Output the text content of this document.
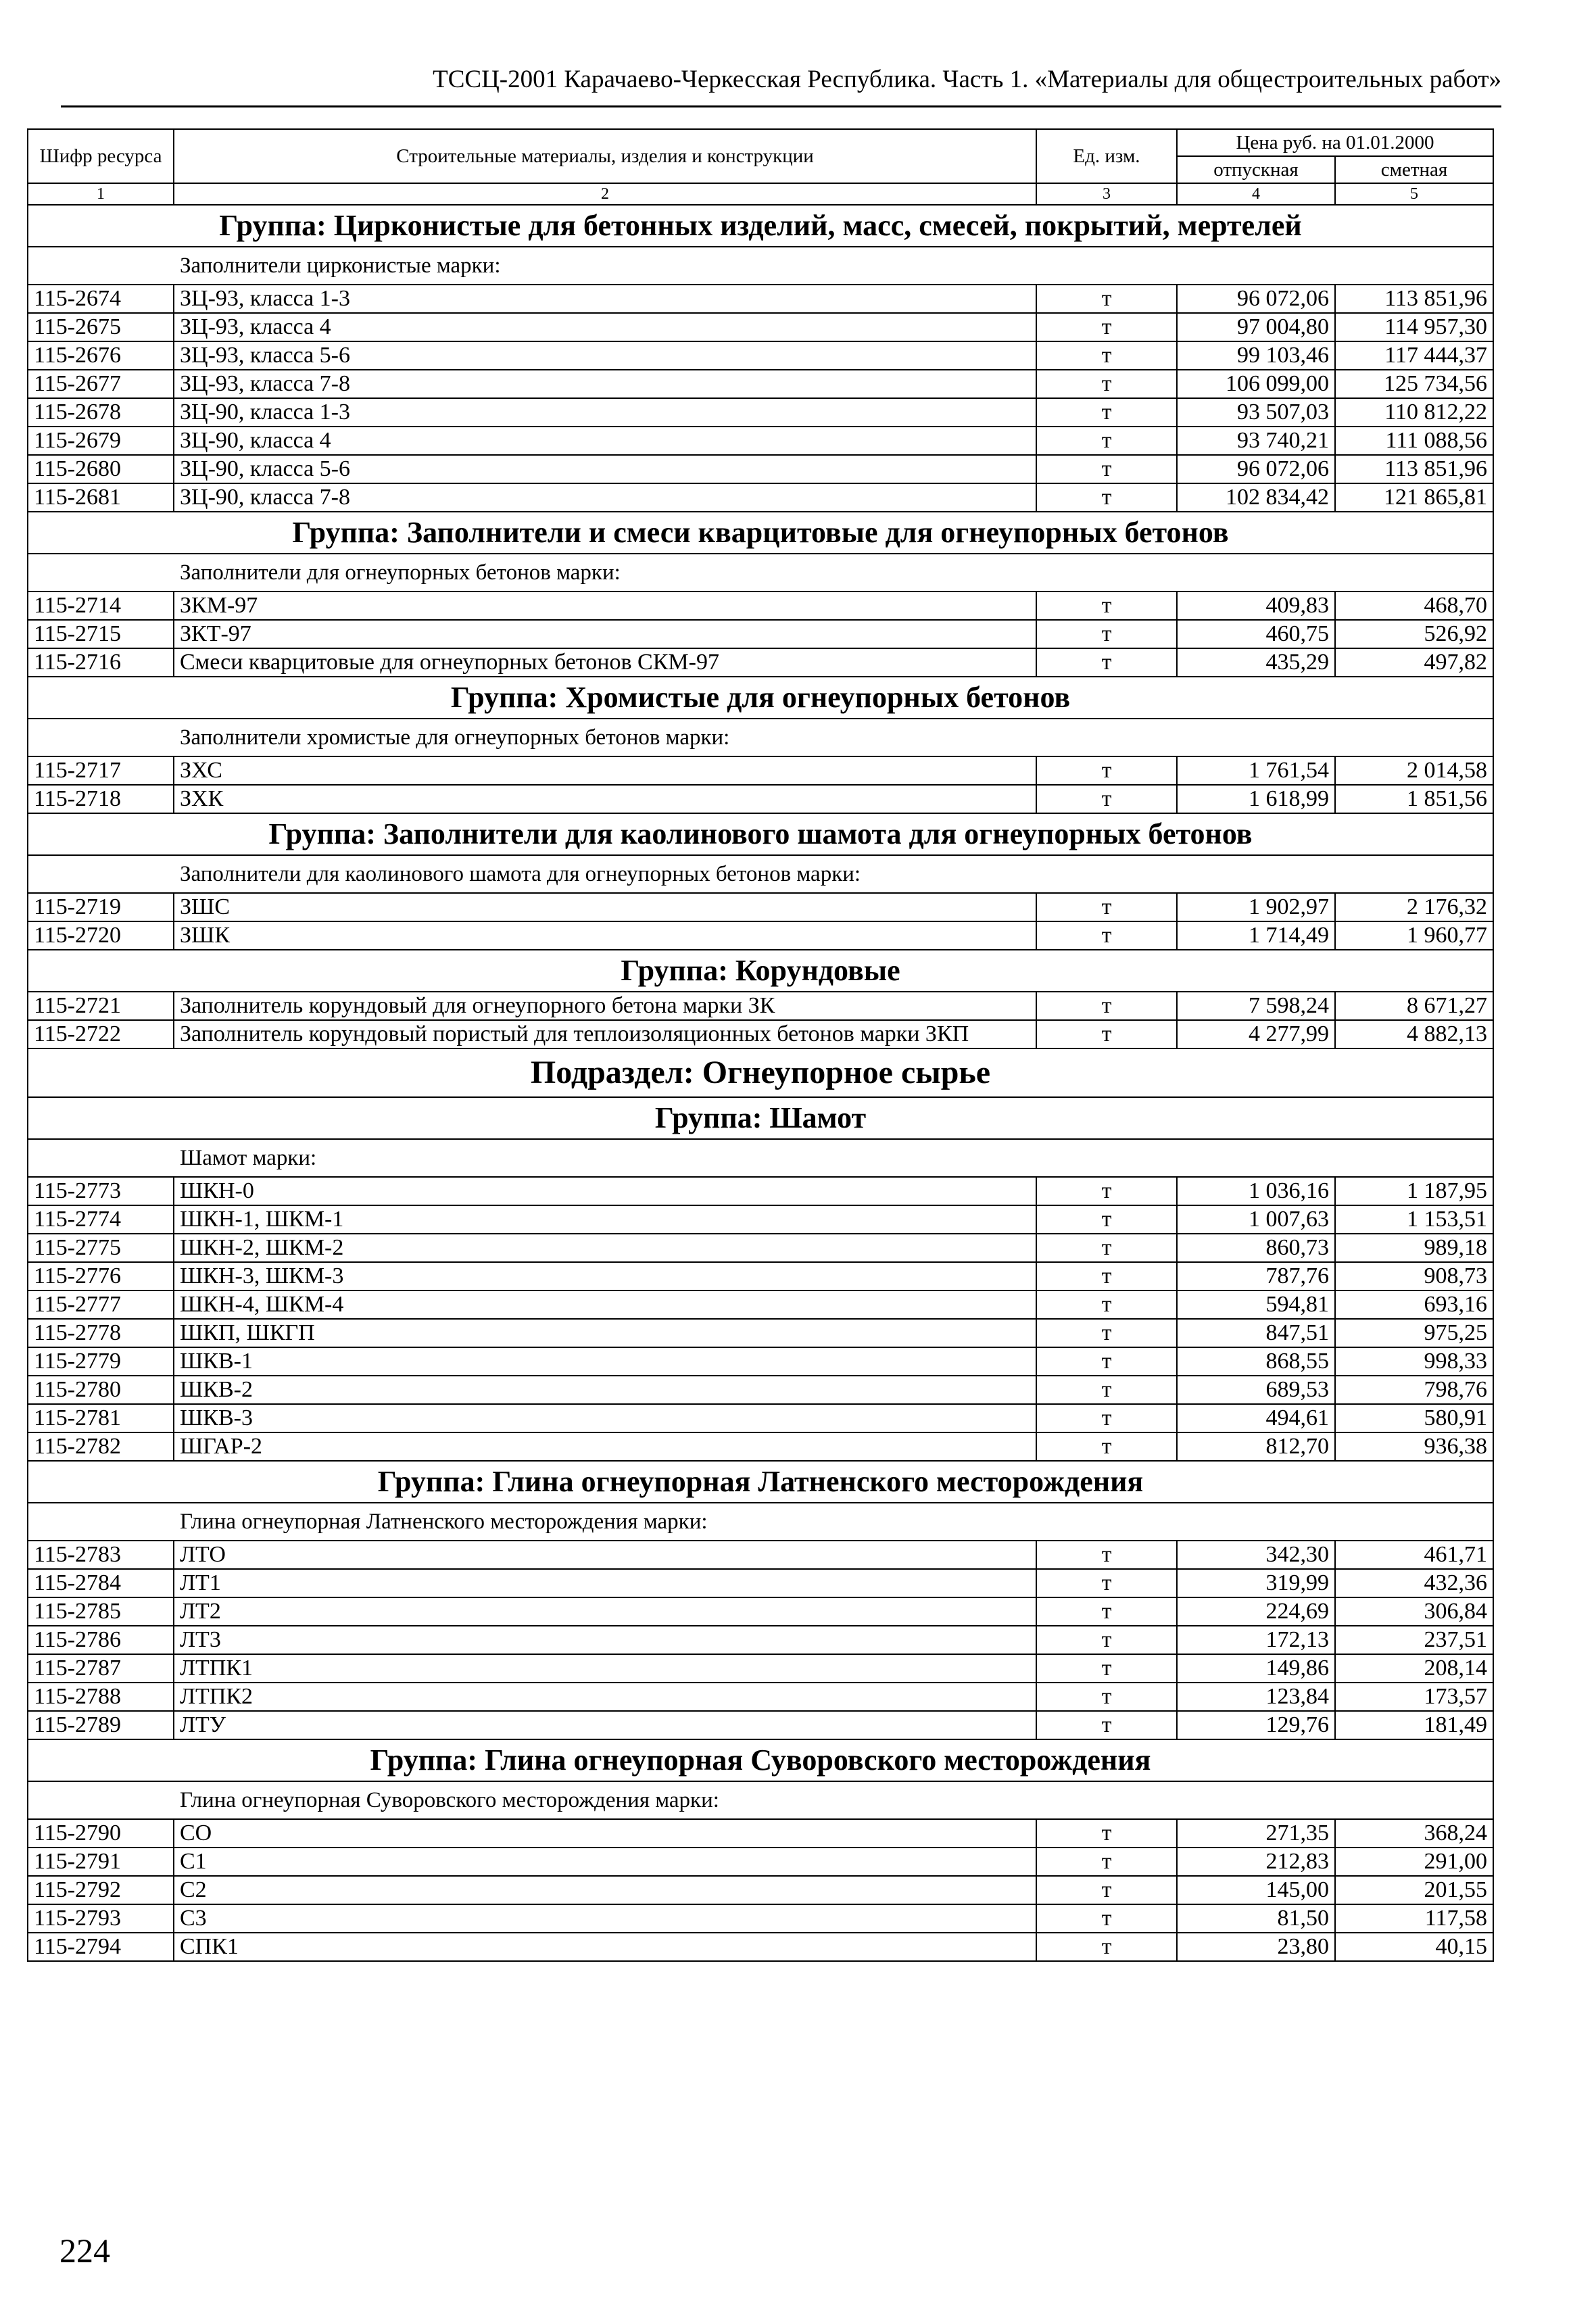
ТССЦ-2001 Карачаево-Черкесская Республика. Часть 1. «Материалы для общестроительных работ»
Шифр ресурса	Строительные материалы, изделия и конструкции	Ед. изм.	Цена руб. на 01.01.2000	
			отпускная	сметная
1	2	3	4	5
Группа: Цирконистые для бетонных изделий, масс, смесей, покрытий, мертелей				
Заполнители цирконистые марки:				
115-2674	ЗЦ-93, класса 1-3	т	96 072,06	113 851,96
115-2675	ЗЦ-93, класса 4	т	97 004,80	114 957,30
115-2676	ЗЦ-93, класса 5-6	т	99 103,46	117 444,37
115-2677	ЗЦ-93, класса 7-8	т	106 099,00	125 734,56
115-2678	ЗЦ-90, класса 1-3	т	93 507,03	110 812,22
115-2679	ЗЦ-90, класса 4	т	93 740,21	111 088,56
115-2680	ЗЦ-90, класса 5-6	т	96 072,06	113 851,96
115-2681	ЗЦ-90, класса 7-8	т	102 834,42	121 865,81
Группа: Заполнители и смеси кварцитовые для огнеупорных бетонов				
Заполнители для огнеупорных бетонов марки:				
115-2714	ЗКМ-97	т	409,83	468,70
115-2715	ЗКТ-97	т	460,75	526,92
115-2716	Смеси кварцитовые для огнеупорных бетонов СКМ-97	т	435,29	497,82
Группа: Хромистые для огнеупорных бетонов				
Заполнители хромистые для огнеупорных бетонов марки:				
115-2717	ЗХС	т	1 761,54	2 014,58
115-2718	ЗХК	т	1 618,99	1 851,56
Группа: Заполнители для каолинового шамота для огнеупорных бетонов				
Заполнители для каолинового шамота для огнеупорных бетонов марки:				
115-2719	ЗШС	т	1 902,97	2 176,32
115-2720	ЗШК	т	1 714,49	1 960,77
Группа: Корундовые				
115-2721	Заполнитель корундовый для огнеупорного бетона марки ЗК	т	7 598,24	8 671,27
115-2722	Заполнитель корундовый пористый для теплоизоляционных бетонов марки ЗКП	т	4 277,99	4 882,13
Подраздел: Огнеупорное сырье				
Группа: Шамот				
Шамот марки:				
115-2773	ШКН-0	т	1 036,16	1 187,95
115-2774	ШКН-1, ШКМ-1	т	1 007,63	1 153,51
115-2775	ШКН-2, ШКМ-2	т	860,73	989,18
115-2776	ШКН-3, ШКМ-3	т	787,76	908,73
115-2777	ШКН-4, ШКМ-4	т	594,81	693,16
115-2778	ШКП, ШКГП	т	847,51	975,25
115-2779	ШКВ-1	т	868,55	998,33
115-2780	ШКВ-2	т	689,53	798,76
115-2781	ШКВ-3	т	494,61	580,91
115-2782	ШГАР-2	т	812,70	936,38
Группа: Глина огнеупорная Латненского месторождения				
Глина огнеупорная Латненского месторождения марки:				
115-2783	ЛТО	т	342,30	461,71
115-2784	ЛТ1	т	319,99	432,36
115-2785	ЛТ2	т	224,69	306,84
115-2786	ЛТ3	т	172,13	237,51
115-2787	ЛТПК1	т	149,86	208,14
115-2788	ЛТПК2	т	123,84	173,57
115-2789	ЛТУ	т	129,76	181,49
Группа: Глина огнеупорная Суворовского месторождения				
Глина огнеупорная Суворовского месторождения марки:				
115-2790	СО	т	271,35	368,24
115-2791	С1	т	212,83	291,00
115-2792	С2	т	145,00	201,55
115-2793	С3	т	81,50	117,58
115-2794	СПК1	т	23,80	40,15
224
